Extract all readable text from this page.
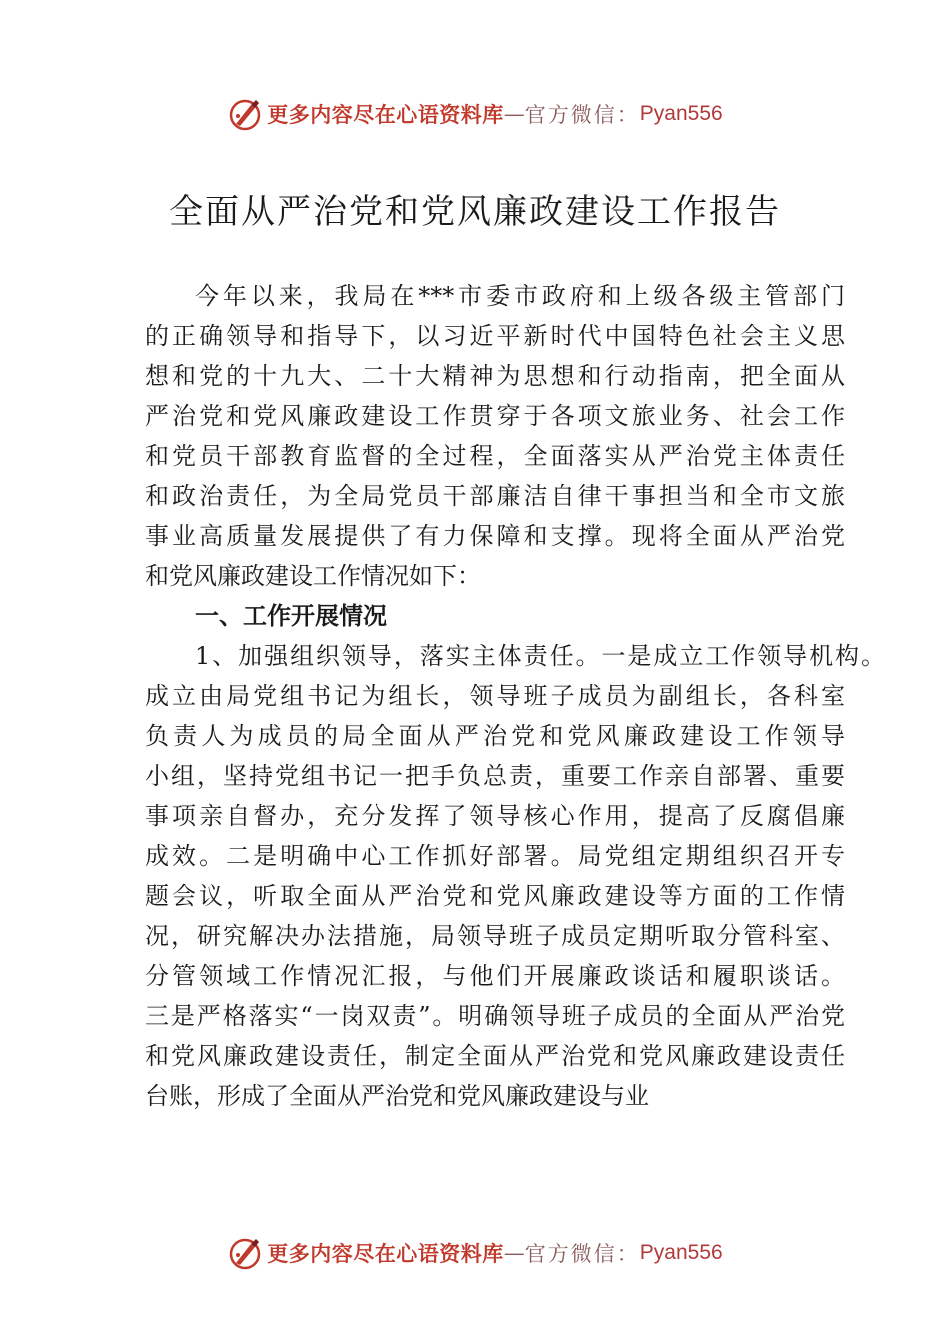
更多内容尽在心语资料库 — 官方微信： Pyan556
全面从严治党和党风廉政建设工作报告
今年以来，我局在***市委市政府和上级各级主管部门
的正确领导和指导下，以习近平新时代中国特色社会主义思
想和党的十九大、二十大精神为思想和行动指南，把全面从
严治党和党风廉政建设工作贯穿于各项文旅业务、社会工作
和党员干部教育监督的全过程，全面落实从严治党主体责任
和政治责任，为全局党员干部廉洁自律干事担当和全市文旅
事业高质量发展提供了有力保障和支撑。现将全面从严治党
和党风廉政建设工作情况如下：
一、工作开展情况
1、加强组织领导，落实主体责任。一是成立工作领导机构。
成立由局党组书记为组长，领导班子成员为副组长，各科室
负责人为成员的局全面从严治党和党风廉政建设工作领导
小组，坚持党组书记一把手负总责，重要工作亲自部署、重要
事项亲自督办，充分发挥了领导核心作用，提高了反腐倡廉
成效。二是明确中心工作抓好部署。局党组定期组织召开专
题会议，听取全面从严治党和党风廉政建设等方面的工作情
况，研究解决办法措施，局领导班子成员定期听取分管科室、
分管领域工作情况汇报，与他们开展廉政谈话和履职谈话。
三是严格落实“一岗双责”。明确领导班子成员的全面从严治党
和党风廉政建设责任，制定全面从严治党和党风廉政建设责任
台账，形成了全面从严治党和党风廉政建设与业
更多内容尽在心语资料库 — 官方微信： Pyan556
